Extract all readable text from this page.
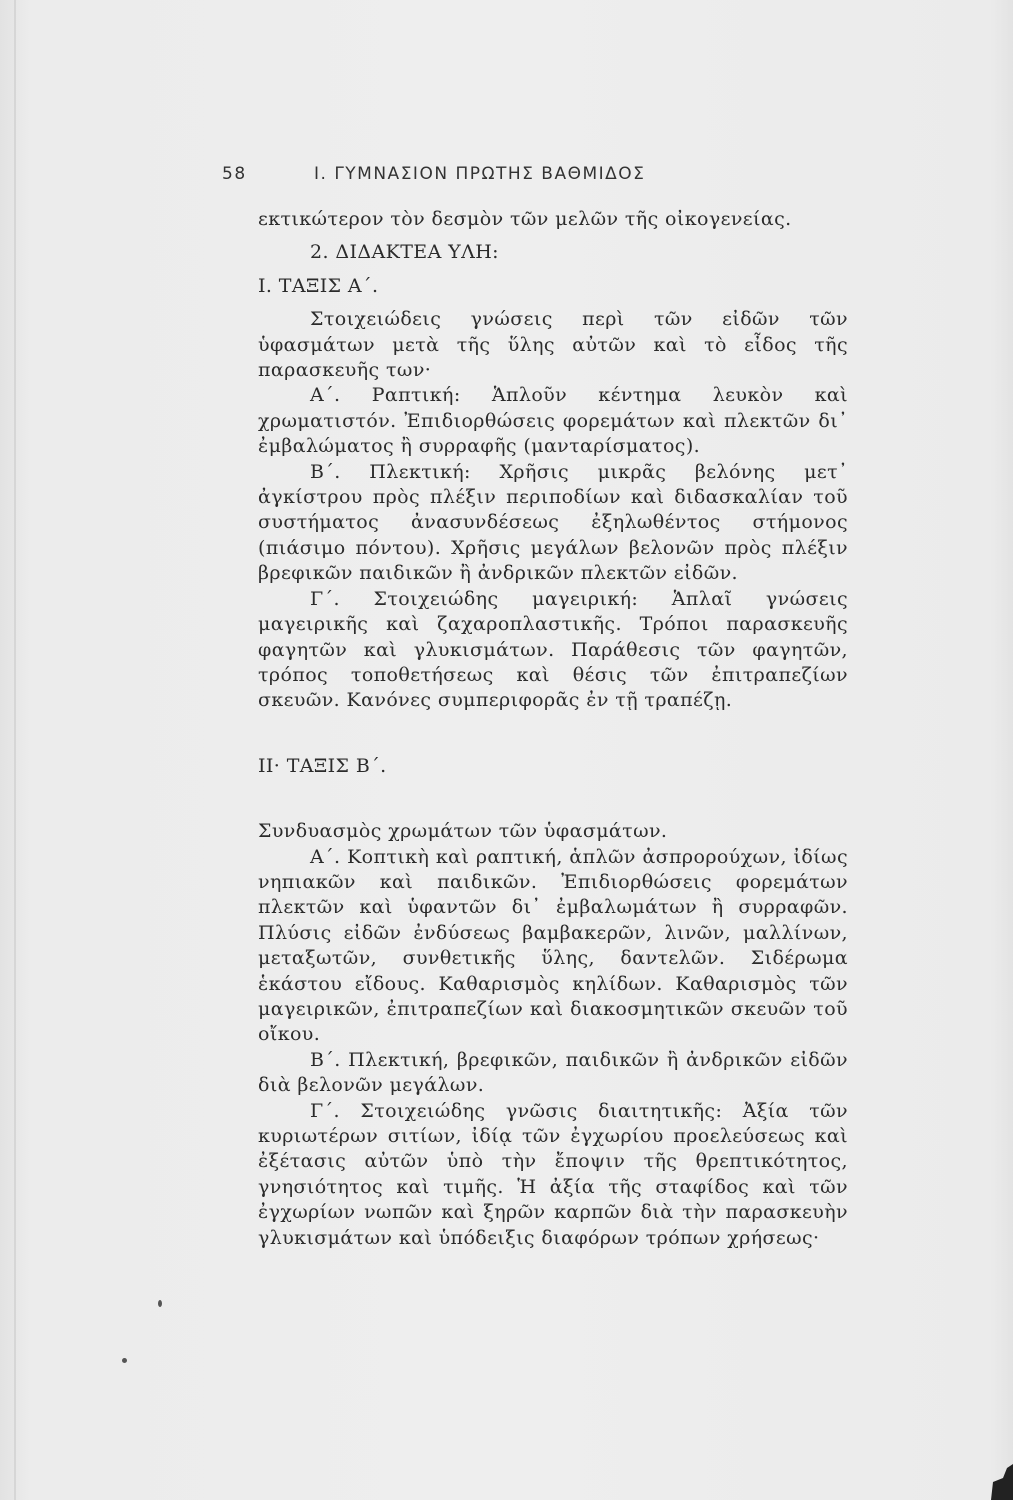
58	I. ΓΥΜΝΑΣΙΟΝ ΠΡΩΤΗΣ ΒΑΘΜΙΔΟΣ

εκτικώτερον τὸν δεσμὸν τῶν μελῶν τῆς οἰκογενείας.

2. ΔΙΔΑΚΤΕΑ ΥΛΗ:

I. ΤΑΞΙΣ Α΄.

Στοιχειώδεις γνώσεις περὶ τῶν εἰδῶν τῶν ὑφασμάτων μετὰ τῆς ὕλης αὐτῶν καὶ τὸ εἶδος τῆς παρασκευῆς των·

Α΄. Ραπτική: Ἁπλοῦν κέντημα λευκὸν καὶ χρωματιστόν. Ἐπιδιορθώσεις φορεμάτων καὶ πλεκτῶν δι᾽ ἐμβαλώματος ἢ συρραφῆς (μανταρίσματος).

Β΄. Πλεκτική: Χρῆσις μικρᾶς βελόνης μετ᾽ ἀγκίστρου πρὸς πλέξιν περιποδίων καὶ διδασκαλίαν τοῦ συστήματος ἀνασυνδέσεως ἐξηλωθέντος στήμονος (πιάσιμο πόντου). Χρῆσις μεγάλων βελονῶν πρὸς πλέξιν βρεφικῶν παιδικῶν ἢ ἀνδρικῶν πλεκτῶν εἰδῶν.

Γ΄. Στοιχειώδης μαγειρική: Ἁπλαῖ γνώσεις μαγειρικῆς καὶ ζαχαροπλαστικῆς. Τρόποι παρασκευῆς φαγητῶν καὶ γλυκισμάτων. Παράθεσις τῶν φαγητῶν, τρόπος τοποθετήσεως καὶ θέσις τῶν ἐπιτραπεζίων σκευῶν. Κανόνες συμπεριφορᾶς ἐν τῇ τραπέζῃ.

II· ΤΑΞΙΣ Β΄.

Συνδυασμὸς χρωμάτων τῶν ὑφασμάτων.

Α΄. Κοπτικὴ καὶ ραπτική, ἁπλῶν ἀσπρορούχων, ἰδίως νηπιακῶν καὶ παιδικῶν. Ἐπιδιορθώσεις φορεμάτων πλεκτῶν καὶ ὑφαντῶν δι᾽ ἐμβαλωμάτων ἢ συρραφῶν. Πλύσις εἰδῶν ἐνδύσεως βαμβακερῶν, λινῶν, μαλλίνων, μεταξωτῶν, συνθετικῆς ὕλης, δαντελῶν. Σιδέρωμα ἑκάστου εἴδους. Καθαρισμὸς κηλίδων. Καθαρισμὸς τῶν μαγειρικῶν, ἐπιτραπεζίων καὶ διακοσμητικῶν σκευῶν τοῦ οἴκου.

Β΄. Πλεκτική, βρεφικῶν, παιδικῶν ἢ ἀνδρικῶν εἰδῶν διὰ βελονῶν μεγάλων.

Γ΄. Στοιχειώδης γνῶσις διαιτητικῆς: Ἀξία τῶν κυριωτέρων σιτίων, ἰδίᾳ τῶν ἐγχωρίου προελεύσεως καὶ ἐξέτασις αὐτῶν ὑπὸ τὴν ἔποψιν τῆς θρεπτικότητος, γνησιότητος καὶ τιμῆς. Ἡ ἀξία τῆς σταφίδος καὶ τῶν ἐγχωρίων νωπῶν καὶ ξηρῶν καρπῶν διὰ τὴν παρασκευὴν γλυκισμάτων καὶ ὑπόδειξις διαφόρων τρόπων χρήσεως·
